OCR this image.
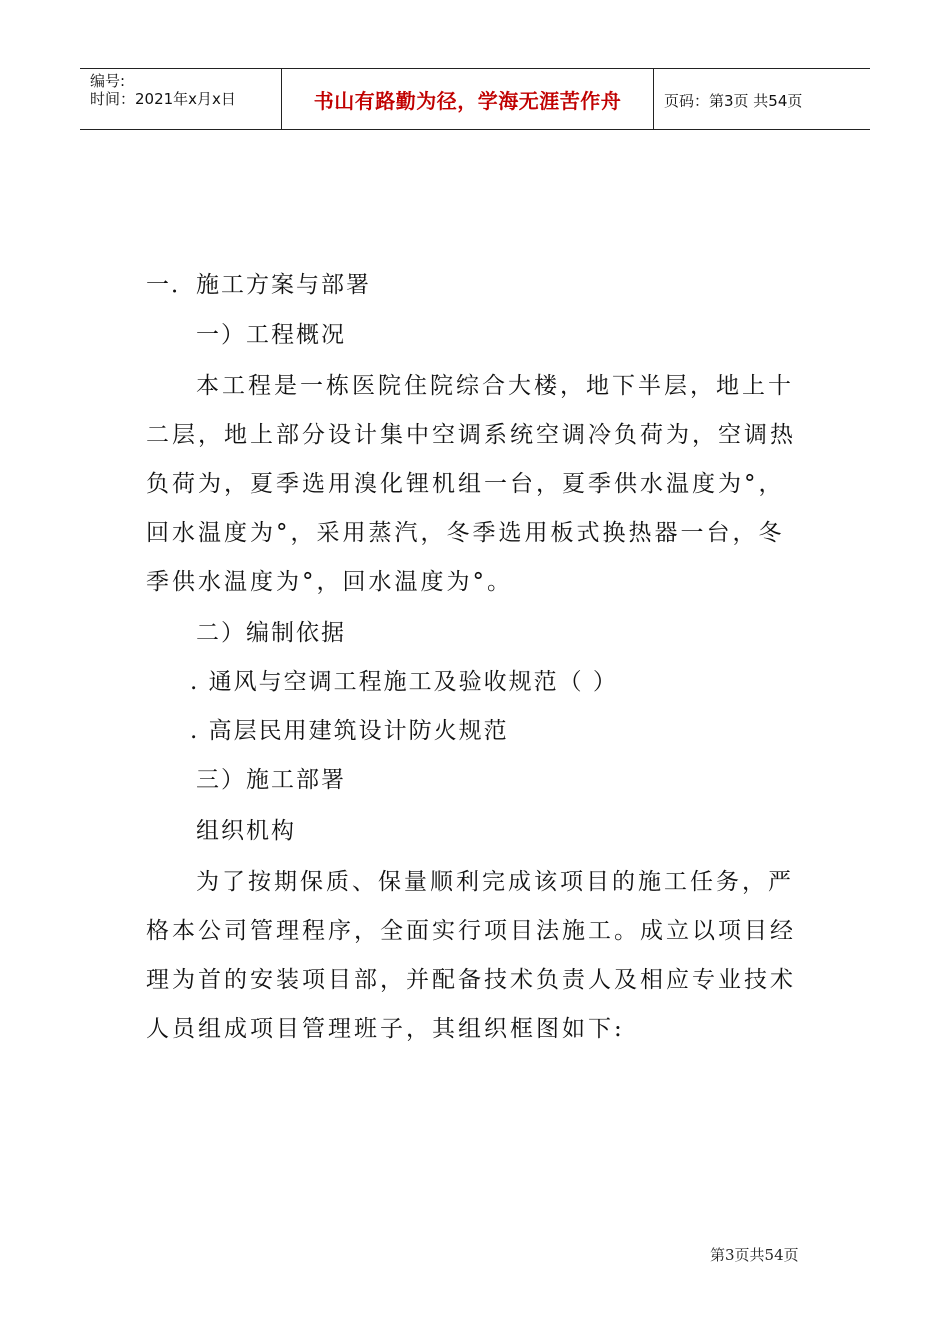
编号:
时间：2021年x月x日	书山有路勤为径，学海无涯苦作舟	页码：第3页 共54页
一．施工方案与部署
一）工程概况
本工程是一栋医院住院综合大楼，地下半层，地上十二层，地上部分设计集中空调系统空调冷负荷为，空调热负荷为，夏季选用溴化锂机组一台，夏季供水温度为°，回水温度为°，采用蒸汽，冬季选用板式换热器一台，冬季供水温度为°，回水温度为°。
二）编制依据
. 通风与空调工程施工及验收规范（ ）
. 高层民用建筑设计防火规范
三）施工部署
组织机构
为了按期保质、保量顺利完成该项目的施工任务，严格本公司管理程序，全面实行项目法施工。成立以项目经理为首的安装项目部，并配备技术负责人及相应专业技术人员组成项目管理班子，其组织框图如下:
第3页共54页
